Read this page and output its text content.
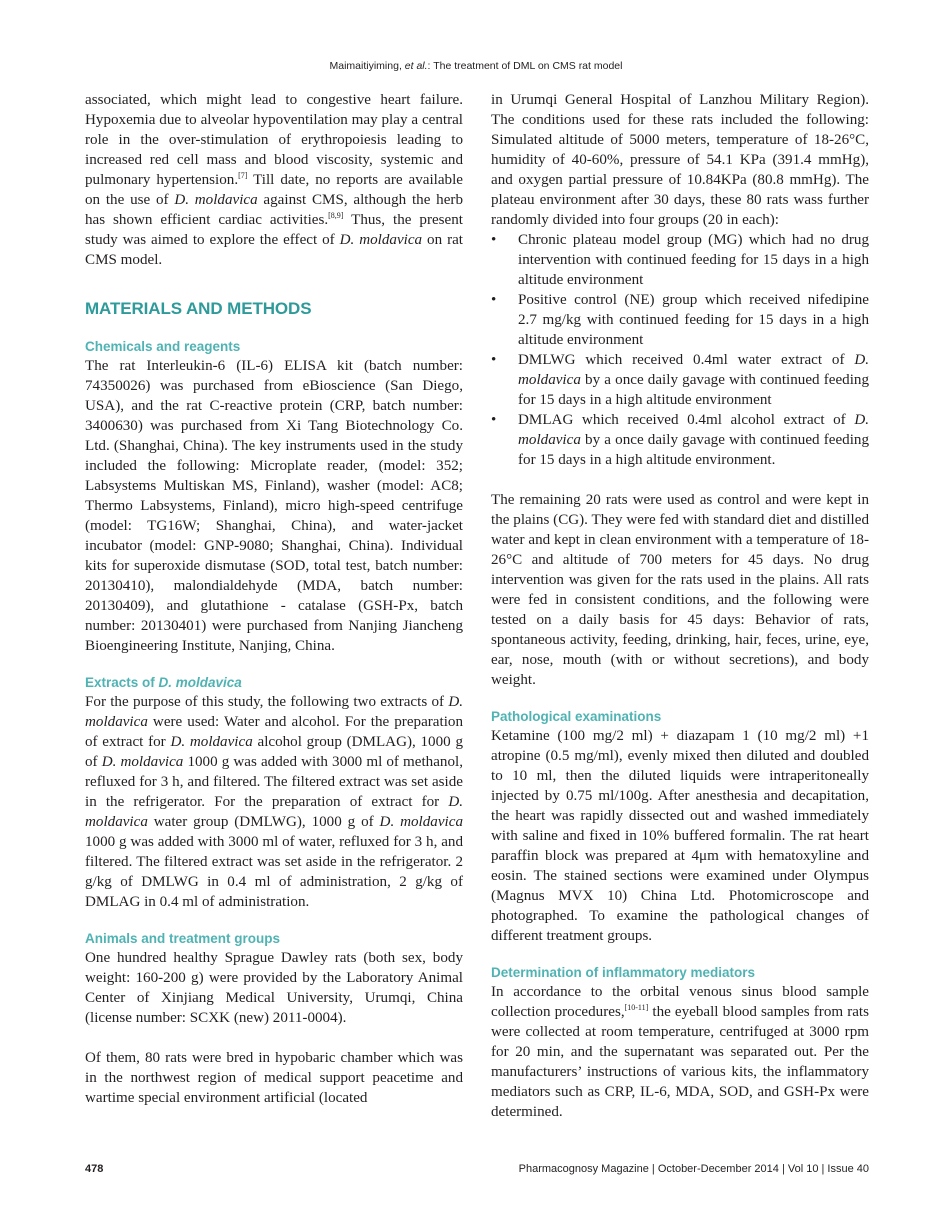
Maimaitiyiming, et al.: The treatment of DML on CMS rat model

associated, which might lead to congestive heart failure. Hypoxemia due to alveolar hypoventilation may play a central role in the over-stimulation of erythropoiesis leading to increased red cell mass and blood viscosity, systemic and pulmonary hypertension.[7] Till date, no reports are available on the use of D. moldavica against CMS, although the herb has shown efficient cardiac activities.[8,9] Thus, the present study was aimed to explore the effect of D. moldavica on rat CMS model.

MATERIALS AND METHODS
Chemicals and reagents

The rat Interleukin-6 (IL-6) ELISA kit (batch number: 74350026) was purchased from eBioscience (San Diego, USA), and the rat C-reactive protein (CRP, batch number: 3400630) was purchased from Xi Tang Biotechnology Co. Ltd. (Shanghai, China). The key instruments used in the study included the following: Microplate reader, (model: 352; Labsystems Multiskan MS, Finland), washer (model: AC8; Thermo Labsystems, Finland), micro high-speed centrifuge (model: TG16W; Shanghai, China), and water-jacket incubator (model: GNP-9080; Shanghai, China). Individual kits for superoxide dismutase (SOD, total test, batch number: 20130410), malondialdehyde (MDA, batch number: 20130409), and glutathione - catalase (GSH-Px, batch number: 20130401) were purchased from Nanjing Jiancheng Bioengineering Institute, Nanjing, China.

Extracts of D. moldavica

For the purpose of this study, the following two extracts of D. moldavica were used: Water and alcohol. For the preparation of extract for D. moldavica alcohol group (DMLAG), 1000 g of D. moldavica 1000 g was added with 3000 ml of methanol, refluxed for 3 h, and filtered. The filtered extract was set aside in the refrigerator. For the preparation of extract for D. moldavica water group (DMLWG), 1000 g of D. moldavica 1000 g was added with 3000 ml of water, refluxed for 3 h, and filtered. The filtered extract was set aside in the refrigerator. 2 g/kg of DMLWG in 0.4 ml of administration, 2 g/kg of DMLAG in 0.4 ml of administration.

Animals and treatment groups

One hundred healthy Sprague Dawley rats (both sex, body weight: 160-200 g) were provided by the Laboratory Animal Center of Xinjiang Medical University, Urumqi, China (license number: SCXK (new) 2011-0004).

Of them, 80 rats were bred in hypobaric chamber which was in the northwest region of medical support peacetime and wartime special environment artificial (located

in Urumqi General Hospital of Lanzhou Military Region). The conditions used for these rats included the following: Simulated altitude of 5000 meters, temperature of 18-26°C, humidity of 40-60%, pressure of 54.1 KPa (391.4 mmHg), and oxygen partial pressure of 10.84KPa (80.8 mmHg). The plateau environment after 30 days, these 80 rats wass further randomly divided into four groups (20 in each):

• Chronic plateau model group (MG) which had no drug intervention with continued feeding for 15 days in a high altitude environment
• Positive control (NE) group which received nifedipine 2.7 mg/kg with continued feeding for 15 days in a high altitude environment
• DMLWG which received 0.4ml water extract of D. moldavica by a once daily gavage with continued feeding for 15 days in a high altitude environment
• DMLAG which received 0.4ml alcohol extract of D. moldavica by a once daily gavage with continued feeding for 15 days in a high altitude environment.

The remaining 20 rats were used as control and were kept in the plains (CG). They were fed with standard diet and distilled water and kept in clean environment with a temperature of 18-26°C and altitude of 700 meters for 45 days. No drug intervention was given for the rats used in the plains. All rats were fed in consistent conditions, and the following were tested on a daily basis for 45 days: Behavior of rats, spontaneous activity, feeding, drinking, hair, feces, urine, eye, ear, nose, mouth (with or without secretions), and body weight.

Pathological examinations

Ketamine (100 mg/2 ml) + diazapam 1 (10 mg/2 ml) +1 atropine (0.5 mg/ml), evenly mixed then diluted and doubled to 10 ml, then the diluted liquids were intraperitoneally injected by 0.75 ml/100g. After anesthesia and decapitation, the heart was rapidly dissected out and washed immediately with saline and fixed in 10% buffered formalin. The rat heart paraffin block was prepared at 4μm with hematoxyline and eosin. The stained sections were examined under Olympus (Magnus MVX 10) China Ltd. Photomicroscope and photographed. To examine the pathological changes of different treatment groups.

Determination of inflammatory mediators

In accordance to the orbital venous sinus blood sample collection procedures,[10-11] the eyeball blood samples from rats were collected at room temperature, centrifuged at 3000 rpm for 20 min, and the supernatant was separated out. Per the manufacturers’ instructions of various kits, the inflammatory mediators such as CRP, IL-6, MDA, SOD, and GSH-Px were determined.

478	Pharmacognosy Magazine | October-December 2014 | Vol 10 | Issue 40
